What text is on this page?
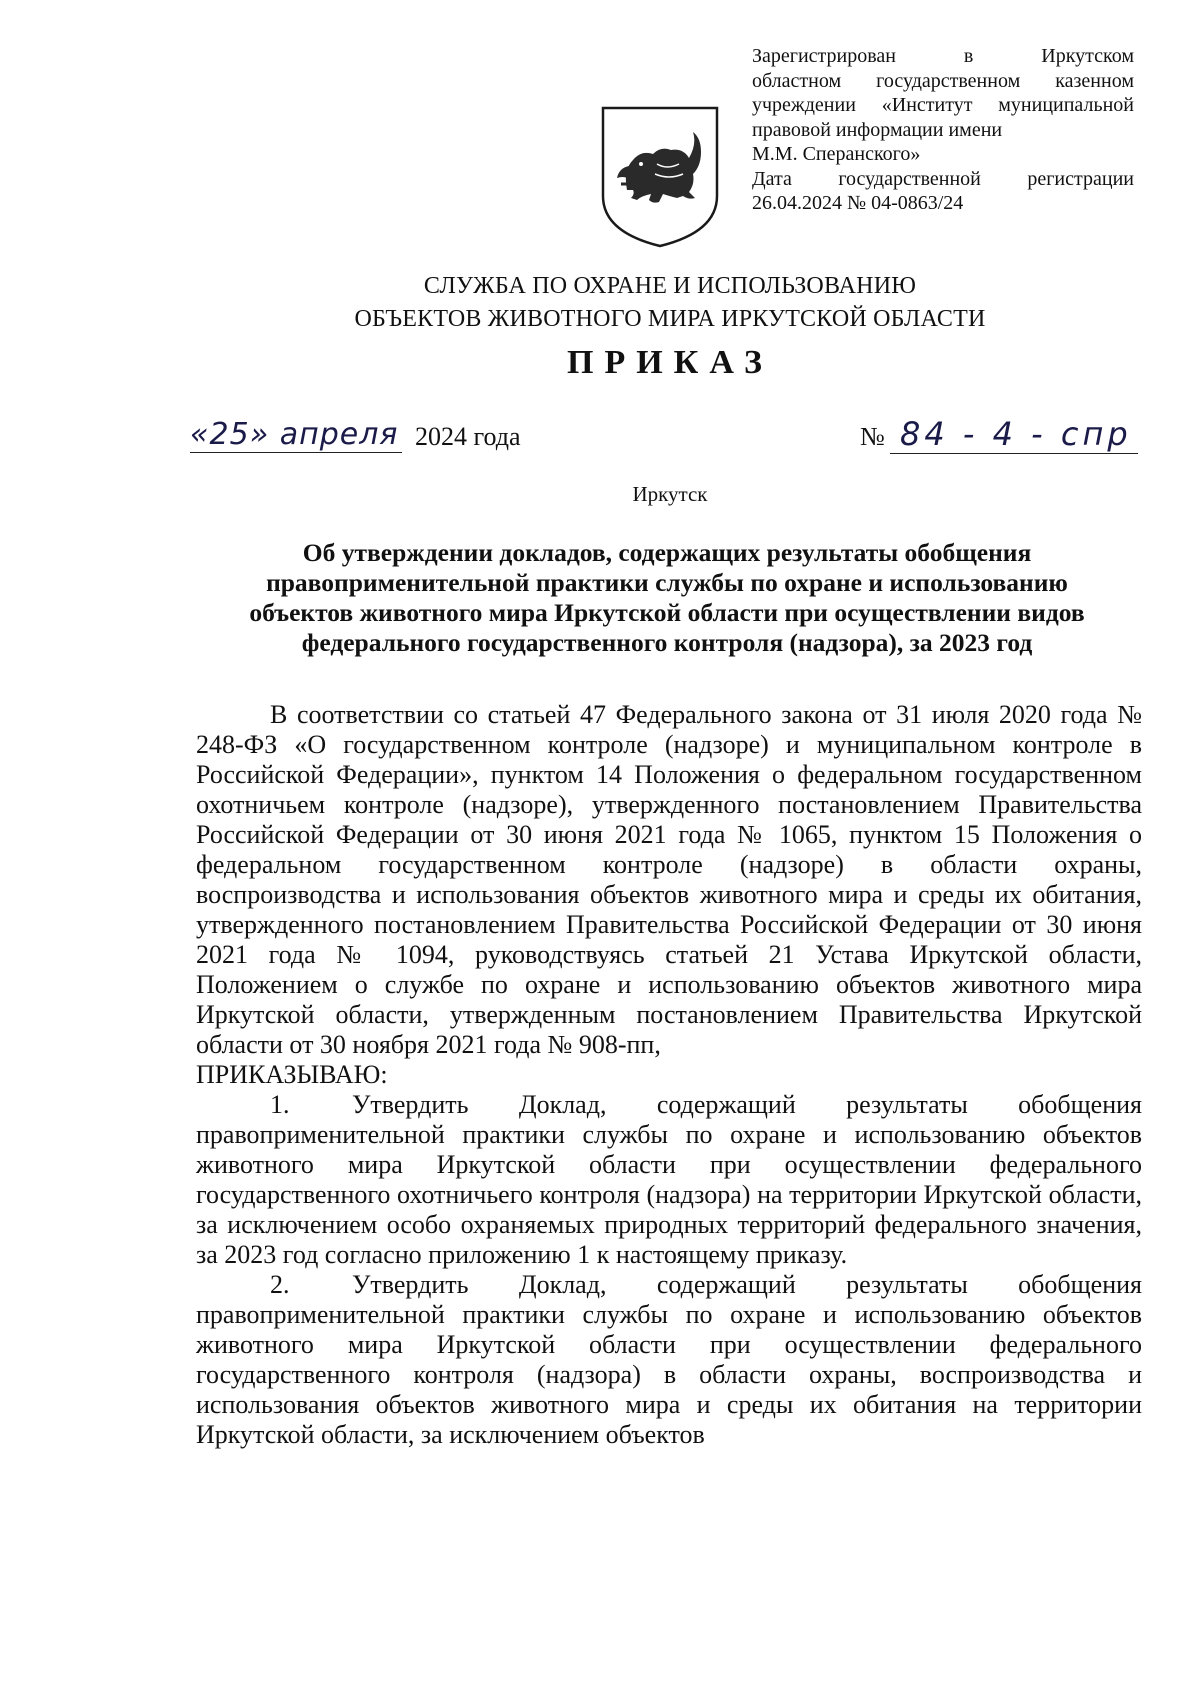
Зарегистрирован в Иркутском

областном государственном казенном

учреждении «Институт муниципальной

правовой информации имени

М.М. Сперанского»

Дата государственной регистрации

26.04.2024 № 04-0863/24

СЛУЖБА ПО ОХРАНЕ И ИСПОЛЬЗОВАНИЮ
ОБЪЕКТОВ ЖИВОТНОГО МИРА ИРКУТСКОЙ ОБЛАСТИ
ПРИКАЗ
«25» апреля 2024 года	№ 84 - 4 - спр
Иркутск
Об утверждении докладов, содержащих результаты обобщения
правоприменительной практики службы по охране и использованию
объектов животного мира Иркутской области при осуществлении видов
федерального государственного контроля (надзора), за 2023 год

В соответствии со статьей 47 Федерального закона от 31 июля 2020 года № 248-ФЗ «О государственном контроле (надзоре) и муниципальном контроле в Российской Федерации», пунктом 14 Положения о федеральном государственном охотничьем контроле (надзоре), утвержденного постановлением Правительства Российской Федерации от 30 июня 2021 года № 1065, пунктом 15 Положения о федеральном государственном контроле (надзоре) в области охраны, воспроизводства и использования объектов животного мира и среды их обитания, утвержденного постановлением Правительства Российской Федерации от 30 июня 2021 года № 1094, руководствуясь статьей 21 Устава Иркутской области, Положением о службе по охране и использованию объектов животного мира Иркутской области, утвержденным постановлением Правительства Иркутской области от 30 ноября 2021 года № 908-пп,

ПРИКАЗЫВАЮ:

1. Утвердить Доклад, содержащий результаты обобщения правоприменительной практики службы по охране и использованию объектов животного мира Иркутской области при осуществлении федерального государственного охотничьего контроля (надзора) на территории Иркутской области, за исключением особо охраняемых природных территорий федерального значения, за 2023 год согласно приложению 1 к настоящему приказу.

2. Утвердить Доклад, содержащий результаты обобщения правоприменительной практики службы по охране и использованию объектов животного мира Иркутской области при осуществлении федерального государственного контроля (надзора) в области охраны, воспроизводства и использования объектов животного мира и среды их обитания на территории Иркутской области, за исключением объектов
